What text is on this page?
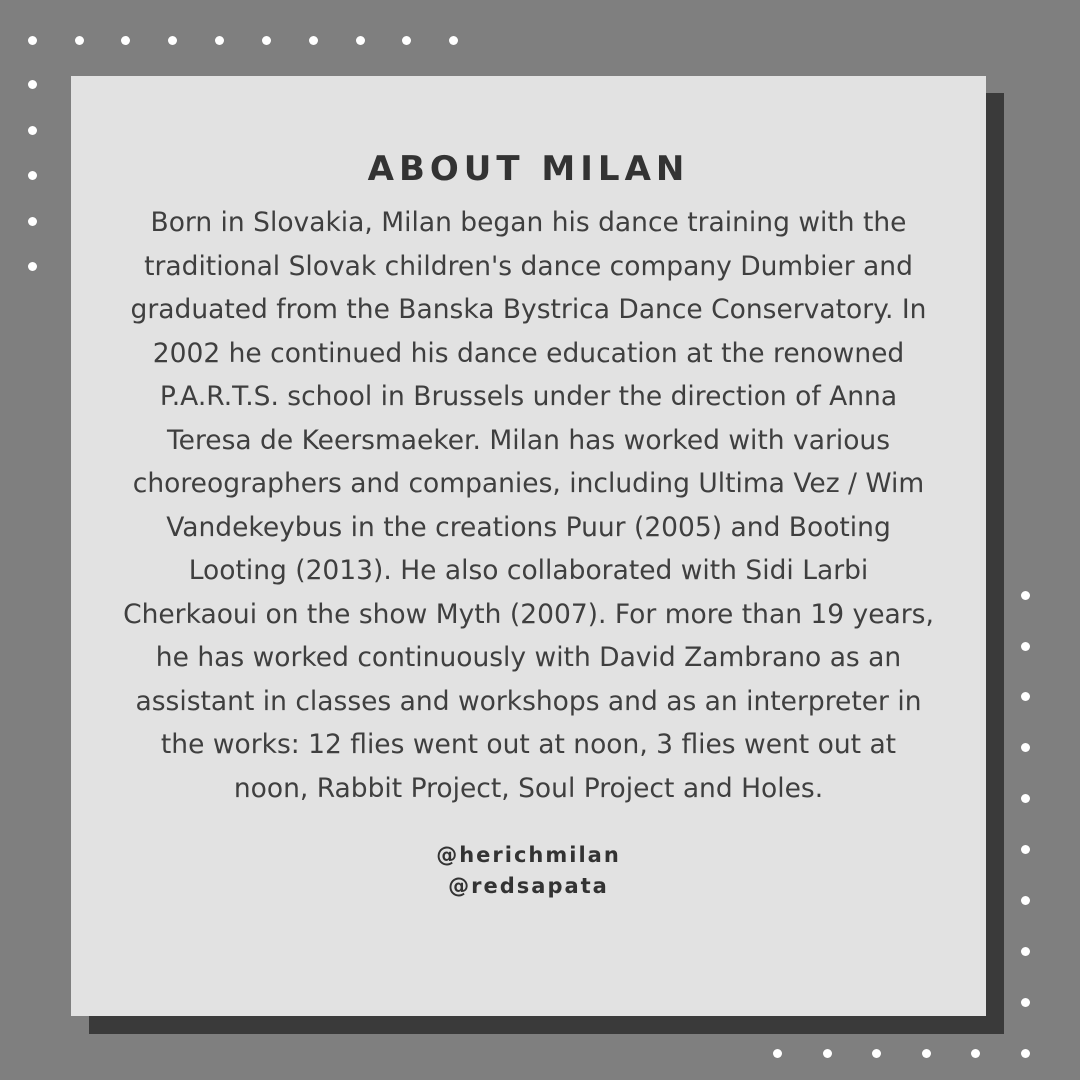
ABOUT MILAN

Born in Slovakia, Milan began his dance training with the traditional Slovak children's dance company Dumbier and graduated from the Banska Bystrica Dance Conservatory. In 2002 he continued his dance education at the renowned P.A.R.T.S. school in Brussels under the direction of Anna Teresa de Keersmaeker. Milan has worked with various choreographers and companies, including Ultima Vez / Wim Vandekeybus in the creations Puur (2005) and Booting Looting (2013). He also collaborated with Sidi Larbi Cherkaoui on the show Myth (2007). For more than 19 years, he has worked continuously with David Zambrano as an assistant in classes and workshops and as an interpreter in the works: 12 flies went out at noon, 3 flies went out at noon, Rabbit Project, Soul Project and Holes.

@herichmilan
@redsapata
